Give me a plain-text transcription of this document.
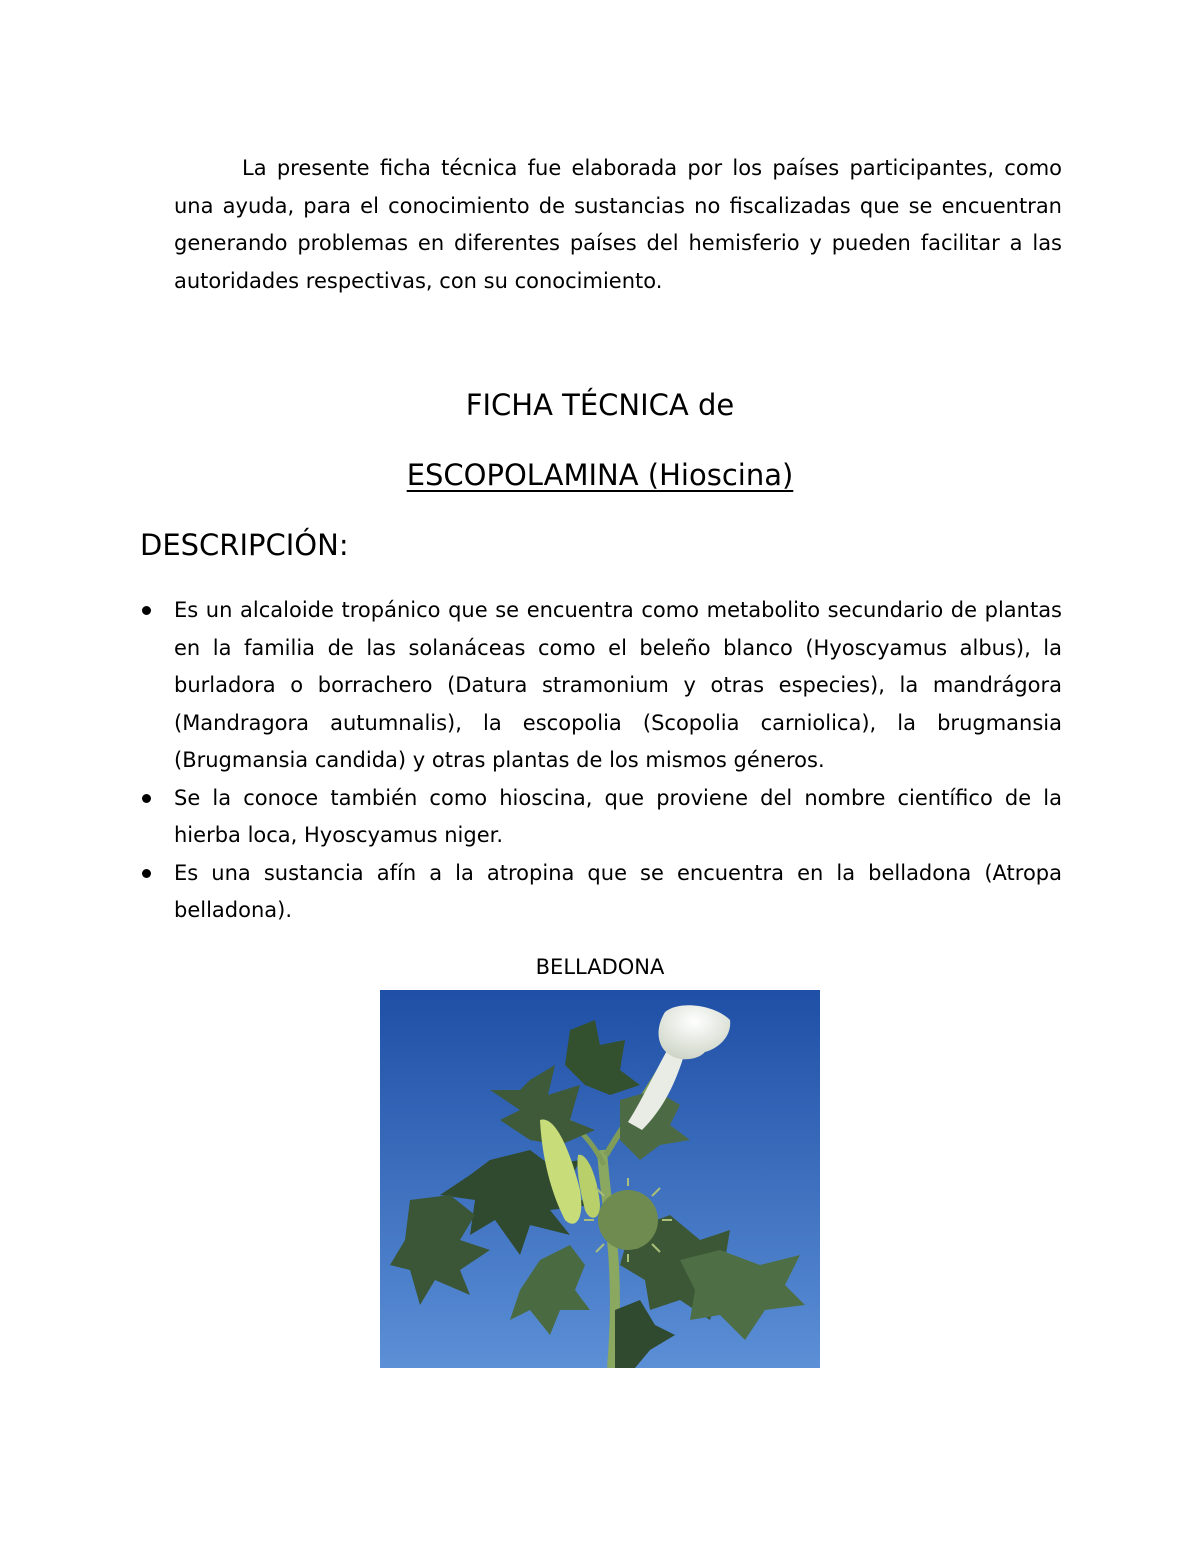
La presente ficha técnica fue elaborada por los países participantes, como una ayuda, para el conocimiento de sustancias no fiscalizadas que se encuentran generando problemas en diferentes países del hemisferio y pueden facilitar a las autoridades respectivas, con su conocimiento.

FICHA TÉCNICA de
ESCOPOLAMINA (Hioscina)
DESCRIPCIÓN:
Es un alcaloide tropánico que se encuentra como metabolito secundario de plantas en la familia de las solanáceas como el beleño blanco (Hyoscyamus albus), la burladora o borrachero (Datura stramonium y otras especies), la mandrágora (Mandragora autumnalis), la escopolia (Scopolia carniolica), la brugmansia (Brugmansia candida) y otras plantas de los mismos géneros.
Se la conoce también como hioscina, que proviene del nombre científico de la hierba loca, Hyoscyamus niger.
Es una sustancia afín a la atropina que se encuentra en la belladona (Atropa belladona).

BELLADONA
